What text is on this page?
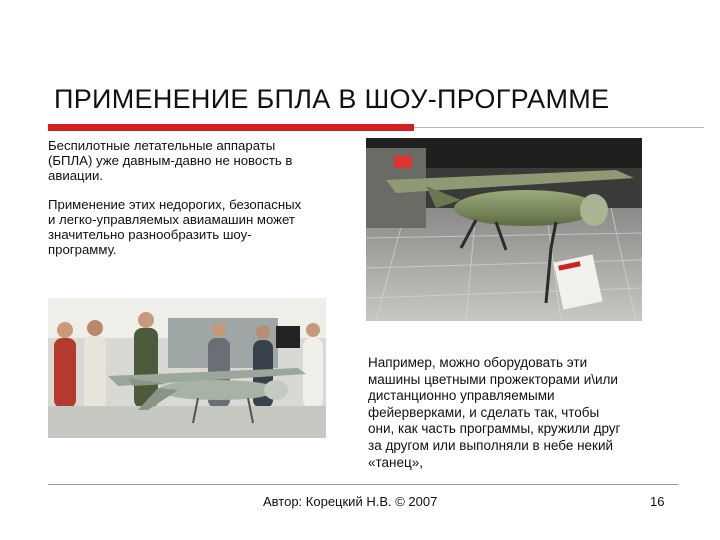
ПРИМЕНЕНИЕ БПЛА В ШОУ-ПРОГРАММЕ
Беспилотные летательные аппараты
(БПЛА) уже давным-давно не новость в
авиации.
Применение этих недорогих, безопасных
и легко-управляемых авиамашин может
значительно разнообразить шоу-
программу.
Например, можно оборудовать эти
машины цветными прожекторами и\или
дистанционно управляемыми
фейерверками, и сделать так, чтобы
они, как часть программы, кружили друг
за другом или выполняли в небе некий
«танец»,
Автор: Корецкий Н.В. © 2007	16
